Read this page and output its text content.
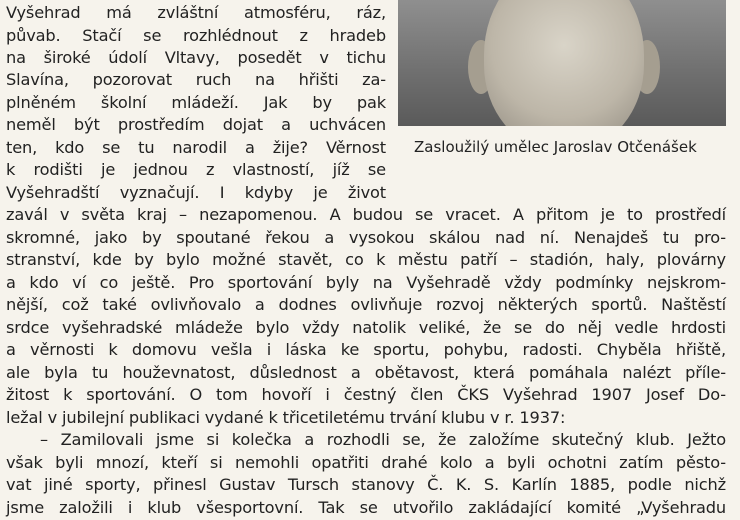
Zasloužilý umělec Jaroslav Otčenášek
Vyšehrad má zvláštní atmosféru, ráz,
půvab. Stačí se rozhlédnout z hradeb
na široké údolí Vltavy, posedět v tichu
Slavína, pozorovat ruch na hřišti za-
plněném školní mládeží. Jak by pak
neměl být prostředím dojat a uchvácen
ten, kdo se tu narodil a žije? Věrnost
k rodišti je jednou z vlastností, jíž se
Vyšehradští vyznačují. I kdyby je život
zavál v světa kraj – nezapomenou. A budou se vracet. A přitom je to prostředí
skromné, jako by spoutané řekou a vysokou skálou nad ní. Nenajdeš tu pro-
stranství, kde by bylo možné stavět, co k městu patří – stadión, haly, plovárny
a kdo ví co ještě. Pro sportování byly na Vyšehradě vždy podmínky nejskrom-
nější, což také ovlivňovalo a dodnes ovlivňuje rozvoj některých sportů. Naštěstí
srdce vyšehradské mládeže bylo vždy natolik veliké, že se do něj vedle hrdosti
a věrnosti k domovu vešla i láska ke sportu, pohybu, radosti. Chyběla hřiště,
ale byla tu houževnatost, důslednost a obětavost, která pomáhala nalézt příle-
žitost k sportování. O tom hovoří i čestný člen ČKS Vyšehrad 1907 Josef Do-
ležal v jubilejní publikaci vydané k třicetiletému trvání klubu v r. 1937:
– Zamilovali jsme si kolečka a rozhodli se, že založíme skutečný klub. Ježto
však byli mnozí, kteří si nemohli opatřiti drahé kolo a byli ochotni zatím pěsto-
vat jiné sporty, přinesl Gustav Tursch stanovy Č. K. S. Karlín 1885, podle nichž
jsme založili i klub všesportovní. Tak se utvořilo zakládající komité „Vyšehradu
